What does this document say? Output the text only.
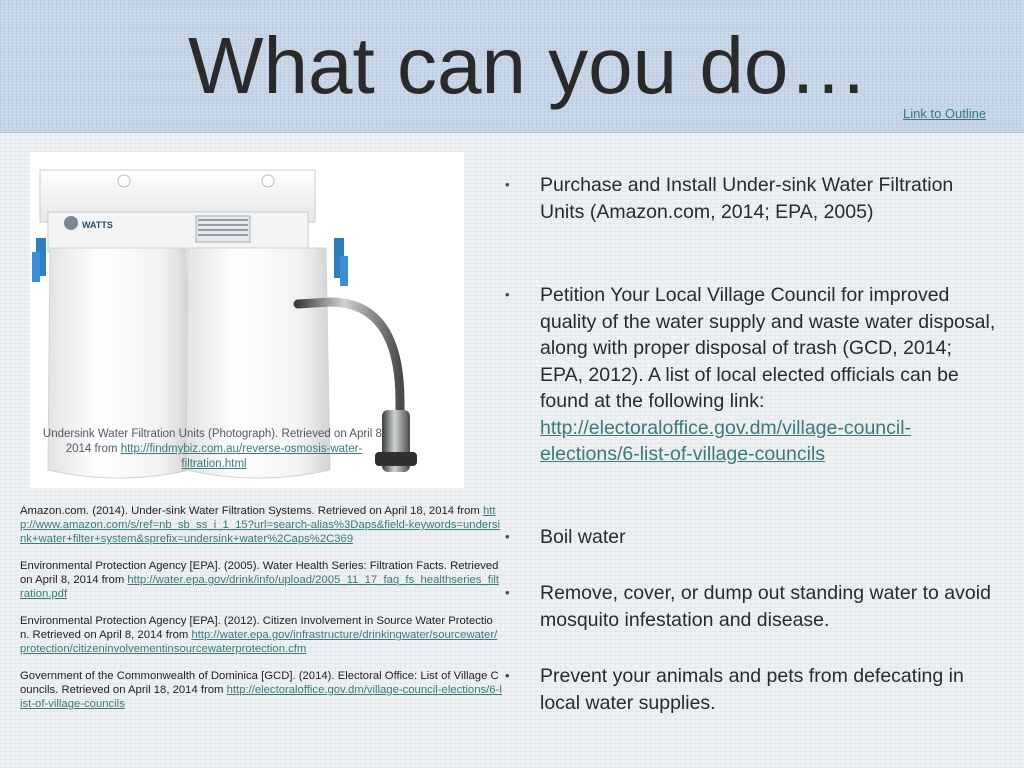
What can you do…
Link to Outline
WATTS
Undersink Water Filtration Units (Photograph). Retrieved on April 8, 2014 from http://findmybiz.com.au/reverse-osmosis-water-filtration.html

Amazon.com. (2014). Under-sink Water Filtration Systems. Retrieved on April 18, 2014 from http://www.amazon.com/s/ref=nb_sb_ss_i_1_15?url=search-alias%3Daps&field-keywords=undersink+water+filter+system&sprefix=undersink+water%2Caps%2C369

Environmental Protection Agency [EPA]. (2005). Water Health Series: Filtration Facts. Retrieved on April 8, 2014 from http://water.epa.gov/drink/info/upload/2005_11_17_faq_fs_healthseries_filtration.pdf

Environmental Protection Agency [EPA]. (2012). Citizen Involvement in Source Water Protection. Retrieved on April 8, 2014 from http://water.epa.gov/infrastructure/drinkingwater/sourcewater/protection/citizeninvolvementinsourcewaterprotection.cfm

Government of the Commonwealth of Dominica [GCD]. (2014). Electoral Office: List of Village Councils. Retrieved on April 18, 2014 from http://electoraloffice.gov.dm/village-council-elections/6-list-of-village-councils

•	Purchase and Install Under-sink Water Filtration Units (Amazon.com, 2014; EPA, 2005)
•	Petition Your Local Village Council for improved quality of the water supply and waste water disposal, along with proper disposal of trash (GCD, 2014; EPA, 2012). A list of local elected officials can be found at the following link: http://electoraloffice.gov.dm/village-council-elections/6-list-of-village-councils
•	Boil water
•	Remove, cover, or dump out standing water to avoid mosquito infestation and disease.
•	Prevent your animals and pets from defecating in local water supplies.
